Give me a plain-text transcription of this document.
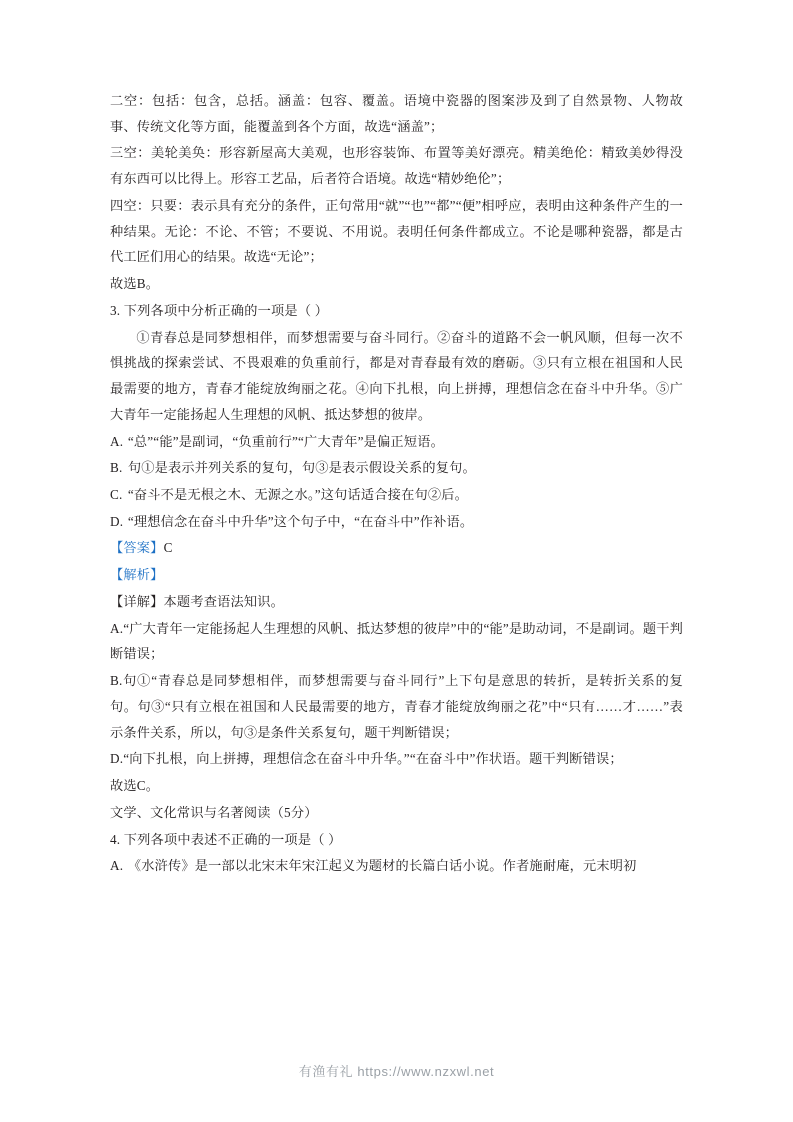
二空：包括：包含，总括。涵盖：包容、覆盖。语境中瓷器的图案涉及到了自然景物、人物故事、传统文化等方面，能覆盖到各个方面，故选“涵盖”；

三空：美轮美奂：形容新屋高大美观，也形容装饰、布置等美好漂亮。精美绝伦：精致美妙得没有东西可以比得上。形容工艺品，后者符合语境。故选“精妙绝伦”；

四空：只要：表示具有充分的条件，正句常用“就”“也”“都”“便”相呼应，表明由这种条件产生的一种结果。无论：不论、不管；不要说、不用说。表明任何条件都成立。不论是哪种瓷器，都是古代工匠们用心的结果。故选“无论”；

故选B。

3. 下列各项中分析正确的一项是（ ）

①青春总是同梦想相伴，而梦想需要与奋斗同行。②奋斗的道路不会一帆风顺，但每一次不惧挑战的探索尝试、不畏艰难的负重前行，都是对青春最有效的磨砺。③只有立根在祖国和人民最需要的地方，青春才能绽放绚丽之花。④向下扎根，向上拼搏，理想信念在奋斗中升华。⑤广大青年一定能扬起人生理想的风帆、抵达梦想的彼岸。

A. “总”“能”是副词，“负重前行”“广大青年”是偏正短语。

B. 句①是表示并列关系的复句，句③是表示假设关系的复句。

C. “奋斗不是无根之木、无源之水。”这句话适合接在句②后。

D. “理想信念在奋斗中升华”这个句子中，“在奋斗中”作补语。

【答案】C

【解析】

【详解】本题考查语法知识。

A.“广大青年一定能扬起人生理想的风帆、抵达梦想的彼岸”中的“能”是助动词，不是副词。题干判断错误；

B.句①“青春总是同梦想相伴，而梦想需要与奋斗同行”上下句是意思的转折，是转折关系的复句。句③“只有立根在祖国和人民最需要的地方，青春才能绽放绚丽之花”中“只有……才……”表示条件关系，所以，句③是条件关系复句，题干判断错误；

D.“向下扎根，向上拼搏，理想信念在奋斗中升华。”“在奋斗中”作状语。题干判断错误；

故选C。

文学、文化常识与名著阅读（5分）

4. 下列各项中表述不正确的一项是（ ）

A. 《水浒传》是一部以北宋末年宋江起义为题材的长篇白话小说。作者施耐庵，元末明初

有渔有礼 https://www.nzxwl.net
